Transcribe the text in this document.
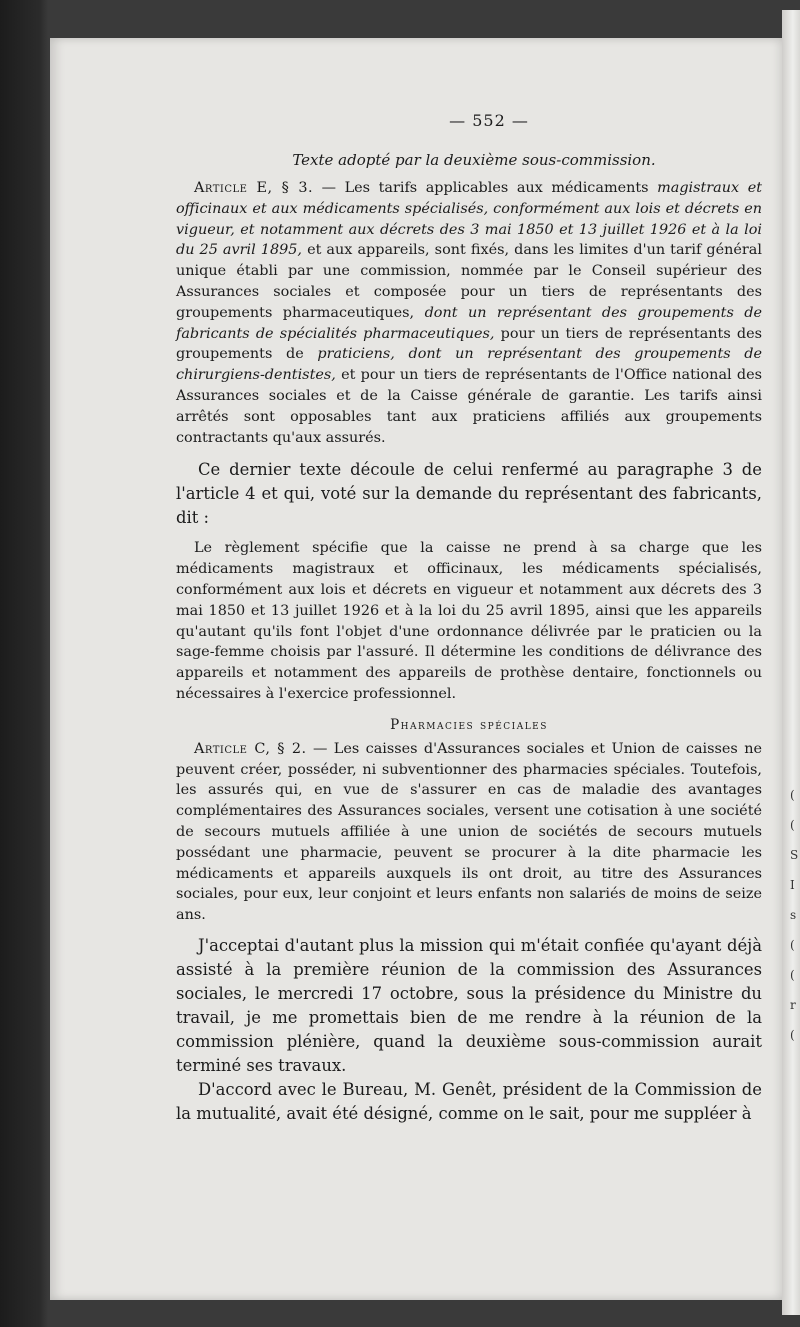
— 552 —
Texte adopté par la deuxième sous-commission.

Article E, § 3. — Les tarifs applicables aux médicaments magistraux et officinaux et aux médicaments spécialisés, conformément aux lois et décrets en vigueur, et notamment aux décrets des 3 mai 1850 et 13 juillet 1926 et à la loi du 25 avril 1895, et aux appareils, sont fixés, dans les limites d'un tarif général unique établi par une commission, nommée par le Conseil supérieur des Assurances sociales et composée pour un tiers de représentants des groupements pharmaceutiques, dont un représentant des groupements de fabricants de spécialités pharmaceutiques, pour un tiers de représentants des groupements de praticiens, dont un représentant des groupements de chirurgiens-dentistes, et pour un tiers de représentants de l'Office national des Assurances sociales et de la Caisse générale de garantie. Les tarifs ainsi arrêtés sont opposables tant aux praticiens affiliés aux groupements contractants qu'aux assurés.

Ce dernier texte découle de celui renfermé au paragraphe 3 de l'article 4 et qui, voté sur la demande du représentant des fabricants, dit :

Le règlement spécifie que la caisse ne prend à sa charge que les médicaments magistraux et officinaux, les médicaments spécialisés, conformément aux lois et décrets en vigueur et notamment aux décrets des 3 mai 1850 et 13 juillet 1926 et à la loi du 25 avril 1895, ainsi que les appareils qu'autant qu'ils font l'objet d'une ordonnance délivrée par le praticien ou la sage-femme choisis par l'assuré. Il détermine les conditions de délivrance des appareils et notamment des appareils de prothèse dentaire, fonctionnels ou nécessaires à l'exercice professionnel.

Pharmacies spéciales

Article C, § 2. — Les caisses d'Assurances sociales et Union de caisses ne peuvent créer, posséder, ni subventionner des pharmacies spéciales. Toutefois, les assurés qui, en vue de s'assurer en cas de maladie des avantages complémentaires des Assurances sociales, versent une cotisation à une société de secours mutuels affiliée à une union de sociétés de secours mutuels possédant une pharmacie, peuvent se procurer à la dite pharmacie les médicaments et appareils auxquels ils ont droit, au titre des Assurances sociales, pour eux, leur conjoint et leurs enfants non salariés de moins de seize ans.

J'acceptai d'autant plus la mission qui m'était confiée qu'ayant déjà assisté à la première réunion de la commission des Assurances sociales, le mercredi 17 octobre, sous la présidence du Ministre du travail, je me promettais bien de me rendre à la réunion de la commission plénière, quand la deuxième sous-commission aurait terminé ses travaux.

D'accord avec le Bureau, M. Genêt, président de la Commission de la mutualité, avait été désigné, comme on le sait, pour me suppléer à

(
(
S
I
s
(
(
r
(
